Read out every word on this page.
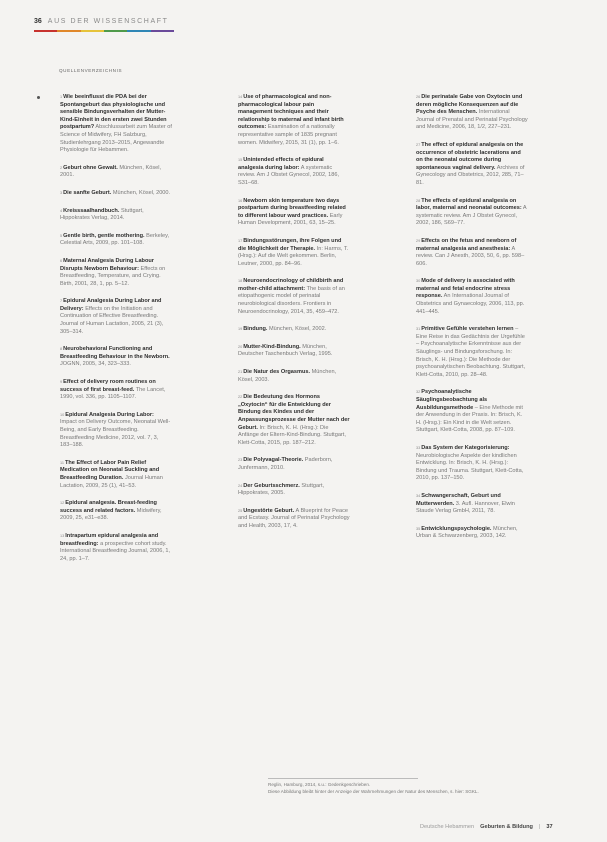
36 AUS DER WISSENSCHAFT
QUELLENVERZEICHNIS

$^1$Wie beeinflusst die PDA bei der Spontangeburt das physiologische und sensible Bindungsverhalten der Mutter-Kind-Einheit in den ersten zwei Stunden postpartum? Abschlussarbeit zum Master of Science of Midwifery, FH Salzburg, Studienlehrgang 2013–2015, Angewandte Physiologie für Hebammen.

$^2$Geburt ohne Gewalt. München, Kösel, 2001.

$^3$Die sanfte Geburt. München, Kösel, 2000.

$^4$Kreisssaalhandbuch. Stuttgart, Hippokrates Verlag, 2014.

$^5$Gentle birth, gentle mothering. Berkeley, Celestial Arts, 2009, pp. 101–108.

$^6$Maternal Analgesia During Labour Disrupts Newborn Behaviour: Effects on Breastfeeding, Temperature, and Crying. Birth, 2001, 28, 1, pp. 5–12.

$^7$Epidural Analgesia During Labor and Delivery: Effects on the Initiation and Continuation of Effective Breastfeeding. Journal of Human Lactation, 2005, 21 (3), 305–314.

$^8$Neurobehavioral Functioning and Breastfeeding Behaviour in the Newborn. JOGNN, 2005, 34, 323–333.

$^9$Effect of delivery room routines on success of first breast-feed. The Lancet, 1990, vol. 336, pp. 1105–1107.

$^{10}$Epidural Analgesia During Labor: Impact on Delivery Outcome, Neonatal Well-Being, and Early Breastfeeding. Breastfeeding Medicine, 2012, vol. 7, 3, 183–188.

$^{11}$The Effect of Labor Pain Relief Medication on Neonatal Suckling and Breastfeeding Duration. Journal Human Lactation, 2009, 25 (1), 41–53.

$^{12}$Epidural analgesia. Breast-feeding success and related factors. Midwifery, 2009, 25, e31–e38.

$^{13}$Intrapartum epidural analgesia and breastfeeding: a prospective cohort study. International Breastfeeding Journal, 2006, 1, 24, pp. 1–7.

$^{14}$Use of pharmacological and non-pharmacological labour pain management techniques and their relationship to maternal and infant birth outcomes: Examination of a nationally representative sample of 1835 pregnant women. Midwifery, 2015, 31 (1), pp. 1–6.

$^{15}$Unintended effects of epidural analgesia during labor: A systematic review. Am J Obstet Gynecol, 2002, 186, S31–68.

$^{16}$Newborn skin temperature two days postpartum during breastfeeding related to different labour ward practices. Early Human Development, 2001, 63, 15–25.

$^{17}$Bindungsstörungen, ihre Folgen und die Möglichkeit der Therapie. In: Harms, T. (Hrsg.): Auf die Welt gekommen. Berlin, Leutner, 2000, pp. 84–96.

$^{18}$Neuroendocrinology of childbirth and mother-child attachment: The basis of an etiopathogenic model of perinatal neurobiological disorders. Frontiers in Neuroendocrinology, 2014, 35, 459–472.

$^{19}$Bindung. München, Kösel, 2002.

$^{20}$Mutter-Kind-Bindung. München, Deutscher Taschenbuch Verlag, 1995.

$^{21}$Die Natur des Orgasmus. München, Kösel, 2003.

$^{22}$Die Bedeutung des Hormons „Oxytocin“ für die Entwicklung der Bindung des Kindes und der Anpassungsprozesse der Mutter nach der Geburt. In: Brisch, K. H. (Hrsg.): Die Anfänge der Eltern-Kind-Bindung. Stuttgart, Klett-Cotta, 2015, pp. 187–212.

$^{23}$Die Polyvagal-Theorie. Paderborn, Junfermann, 2010.

$^{24}$Der Geburtsschmerz. Stuttgart, Hippokrates, 2005.

$^{25}$Ungestörte Geburt. A Blueprint for Peace and Ecstasy. Journal of Perinatal Psychology and Health, 2003, 17, 4.

$^{26}$Die perinatale Gabe von Oxytocin und deren mögliche Konsequenzen auf die Psyche des Menschen. International Journal of Prenatal and Perinatal Psychology and Medicine, 2006, 18, 1/2, 227–231.

$^{27}$The effect of epidural analgesia on the occurrence of obstetric lacerations and on the neonatal outcome during spontaneous vaginal delivery. Archives of Gynecology and Obstetrics, 2012, 285, 71–81.

$^{28}$The effects of epidural analgesia on labor, maternal and neonatal outcomes: A systematic review. Am J Obstet Gynecol, 2002, 186, S69–77.

$^{29}$Effects on the fetus and newborn of maternal analgesia and anesthesia: A review. Can J Anesth, 2003, 50, 6, pp. 598–606.

$^{30}$Mode of delivery is associated with maternal and fetal endocrine stress response. An International Journal of Obstetrics and Gynaecology, 2006, 113, pp. 441–445.

$^{31}$Primitive Gefühle verstehen lernen – Eine Reise in das Gedächtnis der Urgefühle – Psychoanalytische Erkenntnisse aus der Säuglings- und Bindungsforschung. In: Brisch, K. H. (Hrsg.): Die Methode der psychoanalytischen Beobachtung. Stuttgart, Klett-Cotta, 2010, pp. 28–48.

$^{32}$Psychoanalytische Säuglingsbeobachtung als Ausbildungsmethode – Eine Methode mit der Anwendung in der Praxis. In: Brisch, K. H. (Hrsg.): Ein Kind in die Welt setzen. Stuttgart, Klett-Cotta, 2008, pp. 87–109.

$^{33}$Das System der Kategorisierung: Neurobiologische Aspekte der kindlichen Entwicklung. In: Brisch, K. H. (Hrsg.): Bindung und Trauma. Stuttgart, Klett-Cotta, 2010, pp. 137–150.

$^{34}$Schwangerschaft, Geburt und Mutterwerden. 3. Aufl. Hannover, Elwin Staude Verlag GmbH, 2011, 78.

$^{35}$Entwicklungspsychologie. München, Urban & Schwarzenberg, 2003, 142.

Reglin, Hamburg, 2014, s.u.: Gedenkgeschrieben.
Diese Abbildung bleibt hinter der Anzeige der Wahrnehmungen der Natur des Menschen, s. hier: SGKL.
Deutsche Hebammen Geburten & Bildung | 37
